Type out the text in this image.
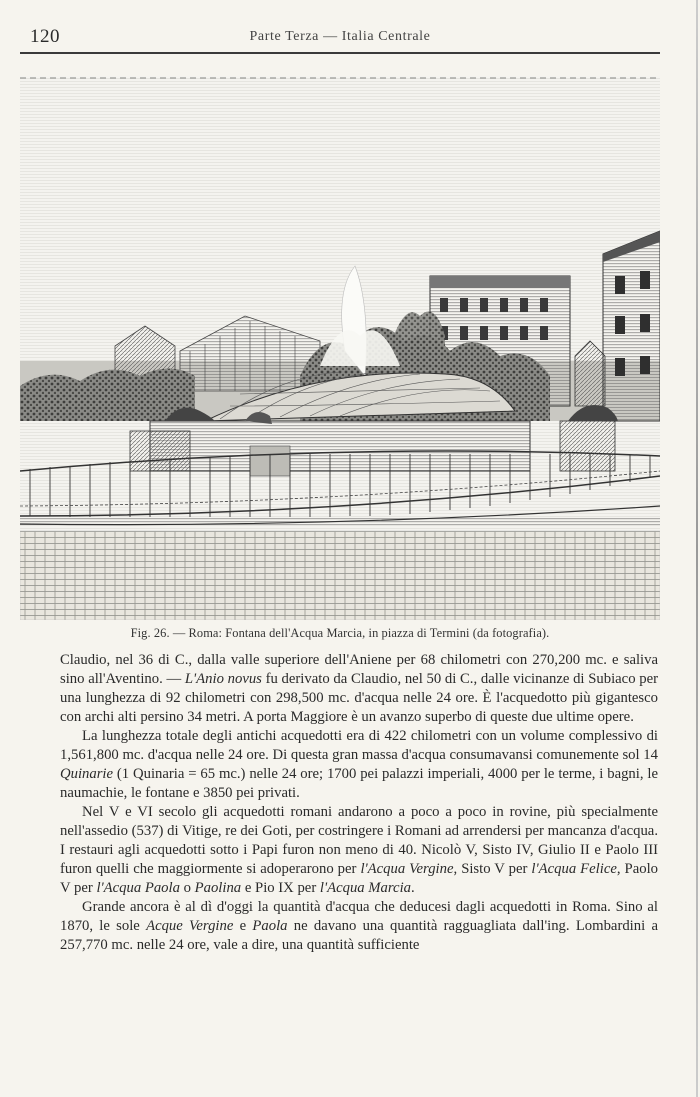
120	Parte Terza — Italia Centrale
Fig. 26. — Roma: Fontana dell'Acqua Marcia, in piazza di Termini (da fotografia).

Claudio, nel 36 di C., dalla valle superiore dell'Aniene per 68 chilometri con 270,200 mc. e saliva sino all'Aventino. — L'Anio novus fu derivato da Claudio, nel 50 di C., dalle vicinanze di Subiaco per una lunghezza di 92 chilometri con 298,500 mc. d'acqua nelle 24 ore. È l'acquedotto più gigantesco con archi alti persino 34 metri. A porta Maggiore è un avanzo superbo di queste due ultime opere.

La lunghezza totale degli antichi acquedotti era di 422 chilometri con un volume complessivo di 1,561,800 mc. d'acqua nelle 24 ore. Di questa gran massa d'acqua consumavansi comunemente sol 14 Quinarie (1 Quinaria = 65 mc.) nelle 24 ore; 1700 pei palazzi imperiali, 4000 per le terme, i bagni, le naumachie, le fontane e 3850 pei privati.

Nel V e VI secolo gli acquedotti romani andarono a poco a poco in rovine, più specialmente nell'assedio (537) di Vitige, re dei Goti, per costringere i Romani ad arrendersi per mancanza d'acqua. I restauri agli acquedotti sotto i Papi furon non meno di 40. Nicolò V, Sisto IV, Giulio II e Paolo III furon quelli che maggiormente si adoperarono per l'Acqua Vergine, Sisto V per l'Acqua Felice, Paolo V per l'Acqua Paola o Paolina e Pio IX per l'Acqua Marcia.

Grande ancora è al dì d'oggi la quantità d'acqua che deducesi dagli acquedotti in Roma. Sino al 1870, le sole Acque Vergine e Paola ne davano una quantità ragguagliata dall'ing. Lombardini a 257,770 mc. nelle 24 ore, vale a dire, una quantità sufficiente
